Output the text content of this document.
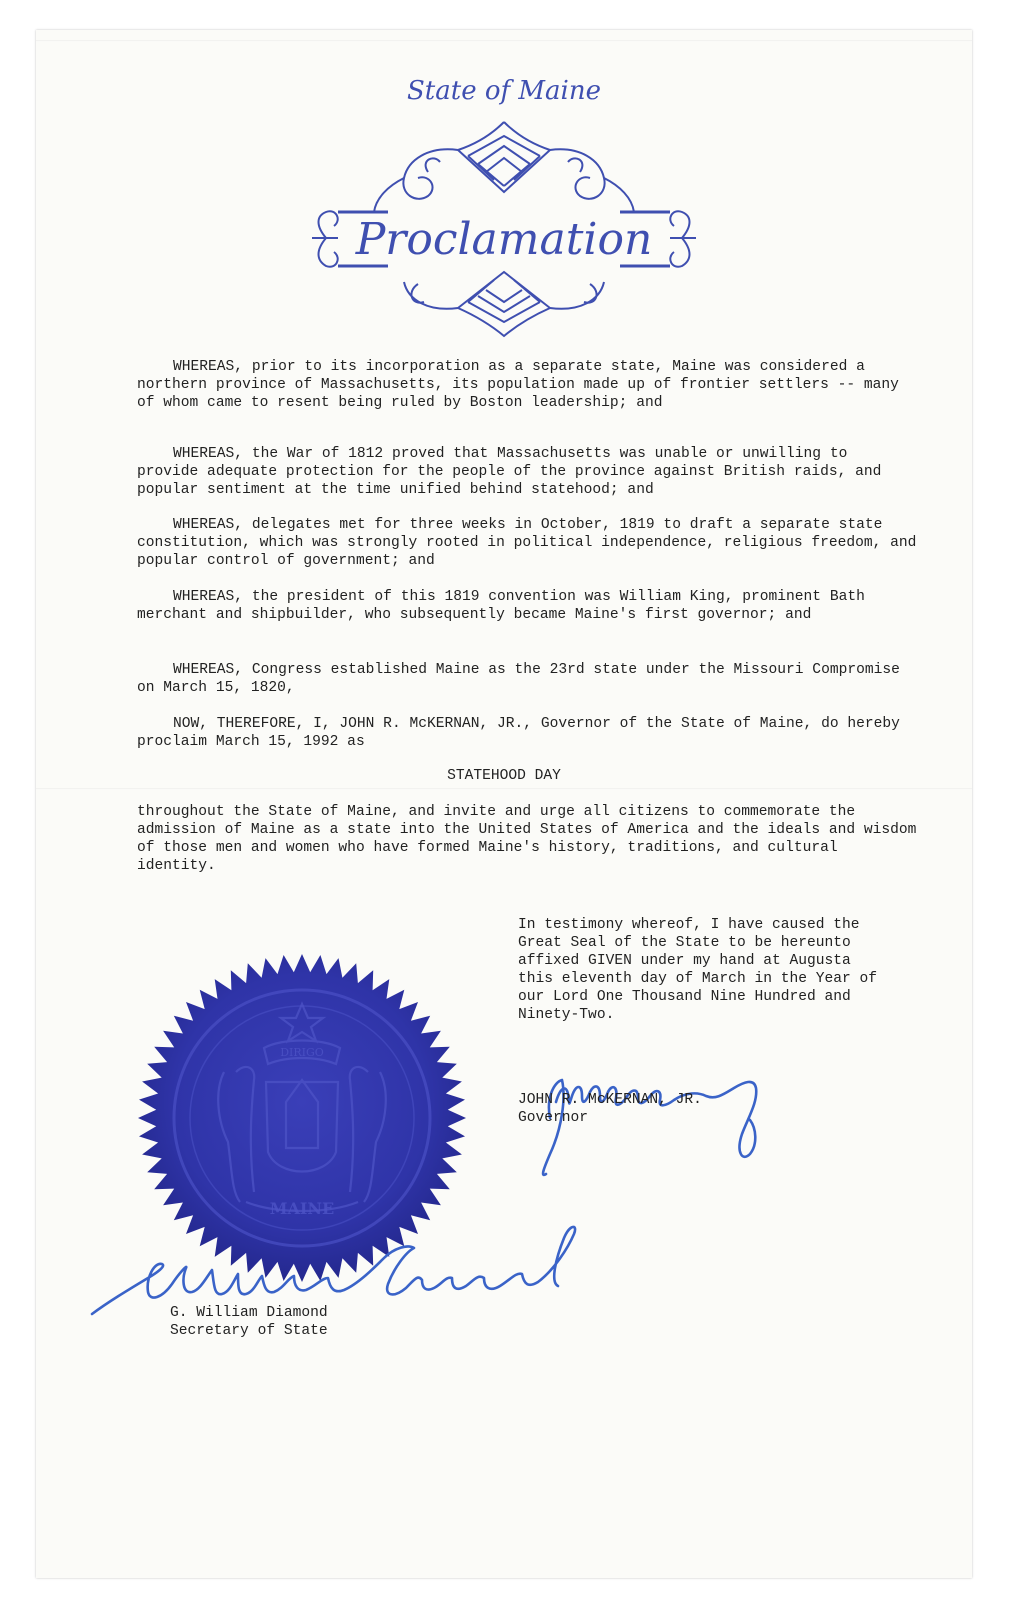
State of Maine
Proclamation

WHEREAS, prior to its incorporation as a separate state, Maine was considered a northern province of Massachusetts, its population made up of frontier settlers -- many of whom came to resent being ruled by Boston leadership; and

WHEREAS, the War of 1812 proved that Massachusetts was unable or unwilling to provide adequate protection for the people of the province against British raids, and popular sentiment at the time unified behind statehood; and

WHEREAS, delegates met for three weeks in October, 1819 to draft a separate state constitution, which was strongly rooted in political independence, religious freedom, and popular control of government; and

WHEREAS, the president of this 1819 convention was William King, prominent Bath merchant and shipbuilder, who subsequently became Maine's first governor; and

WHEREAS, Congress established Maine as the 23rd state under the Missouri Compromise on March 15, 1820,

NOW, THEREFORE, I, JOHN R. McKERNAN, JR., Governor of the State of Maine, do hereby proclaim March 15, 1992 as

STATEHOOD DAY

throughout the State of Maine, and invite and urge all citizens to commemorate the admission of Maine as a state into the United States of America and the ideals and wisdom of those men and women who have formed Maine's history, traditions, and cultural identity.

In testimony whereof, I have caused the Great Seal of the State to be hereunto affixed GIVEN under my hand at Augusta this eleventh day of March in the Year of our Lord One Thousand Nine Hundred and Ninety-Two.

JOHN R. McKERNAN, JR.
Governor
DIRIGO
MAINE
G. William Diamond
Secretary of State
